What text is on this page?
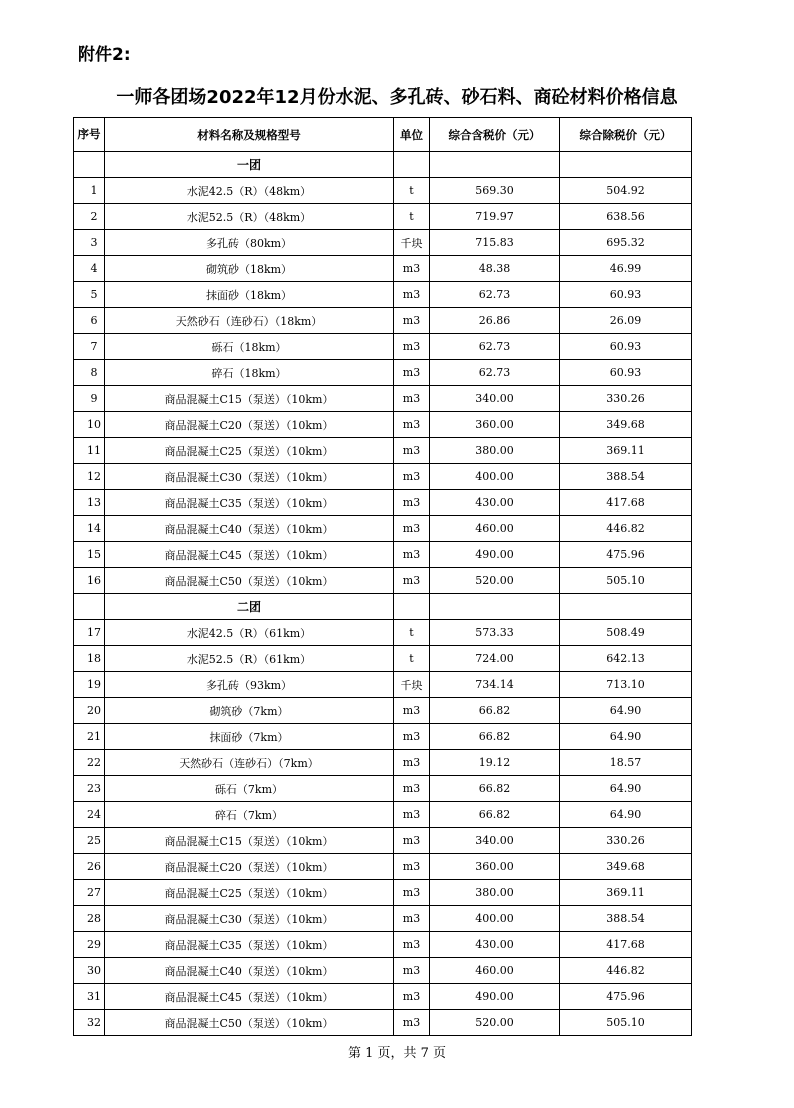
附件2:
一师各团场2022年12月份水泥、多孔砖、砂石料、商砼材料价格信息
序号	材料名称及规格型号	单位	综合含税价（元）	综合除税价（元）
	一团			
1	水泥42.5（R）（48km）	t	569.30	504.92
2	水泥52.5（R）（48km）	t	719.97	638.56
3	多孔砖（80km）	千块	715.83	695.32
4	砌筑砂（18km）	m3	48.38	46.99
5	抹面砂（18km）	m3	62.73	60.93
6	天然砂石（连砂石）（18km）	m3	26.86	26.09
7	砾石（18km）	m3	62.73	60.93
8	碎石（18km）	m3	62.73	60.93
9	商品混凝土C15（泵送）（10km）	m3	340.00	330.26
10	商品混凝土C20（泵送）（10km）	m3	360.00	349.68
11	商品混凝土C25（泵送）（10km）	m3	380.00	369.11
12	商品混凝土C30（泵送）（10km）	m3	400.00	388.54
13	商品混凝土C35（泵送）（10km）	m3	430.00	417.68
14	商品混凝土C40（泵送）（10km）	m3	460.00	446.82
15	商品混凝土C45（泵送）（10km）	m3	490.00	475.96
16	商品混凝土C50（泵送）（10km）	m3	520.00	505.10
	二团			
17	水泥42.5（R）（61km）	t	573.33	508.49
18	水泥52.5（R）（61km）	t	724.00	642.13
19	多孔砖（93km）	千块	734.14	713.10
20	砌筑砂（7km）	m3	66.82	64.90
21	抹面砂（7km）	m3	66.82	64.90
22	天然砂石（连砂石）（7km）	m3	19.12	18.57
23	砾石（7km）	m3	66.82	64.90
24	碎石（7km）	m3	66.82	64.90
25	商品混凝土C15（泵送）（10km）	m3	340.00	330.26
26	商品混凝土C20（泵送）（10km）	m3	360.00	349.68
27	商品混凝土C25（泵送）（10km）	m3	380.00	369.11
28	商品混凝土C30（泵送）（10km）	m3	400.00	388.54
29	商品混凝土C35（泵送）（10km）	m3	430.00	417.68
30	商品混凝土C40（泵送）（10km）	m3	460.00	446.82
31	商品混凝土C45（泵送）（10km）	m3	490.00	475.96
32	商品混凝土C50（泵送）（10km）	m3	520.00	505.10
第 1 页，共 7 页
